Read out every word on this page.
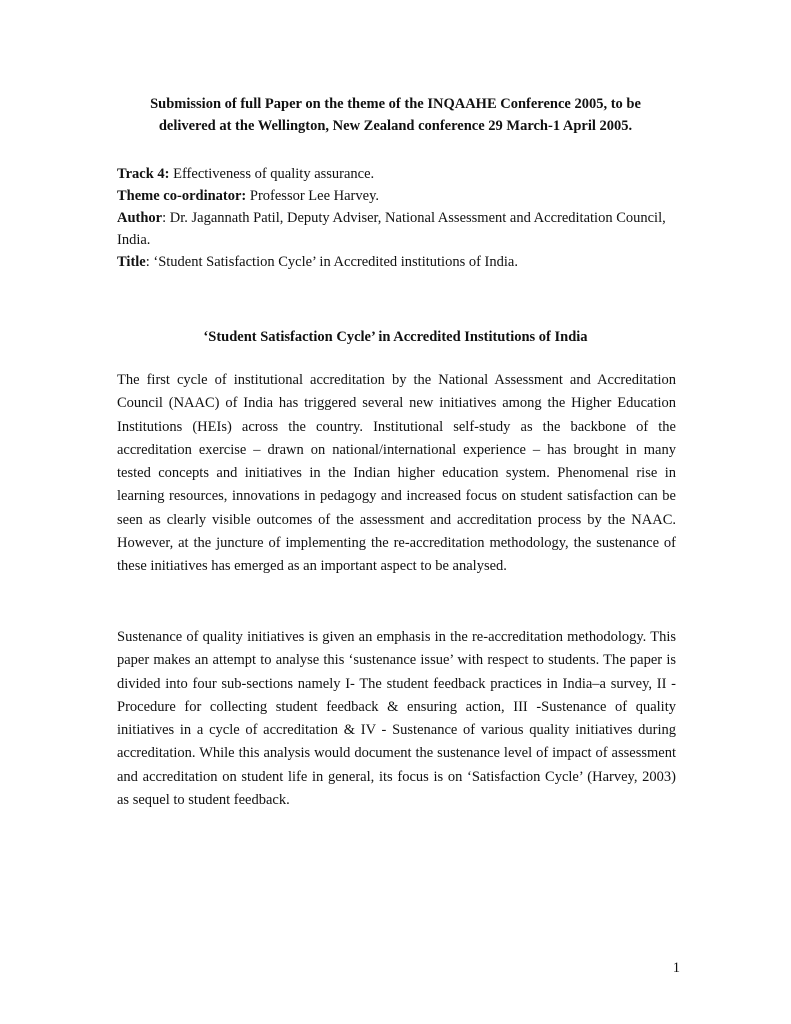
Submission of full Paper on the theme of the INQAAHE Conference 2005, to be
delivered at the Wellington, New Zealand conference 29 March-1 April 2005.

Track 4: Effectiveness of quality assurance.

Theme co-ordinator: Professor Lee Harvey.

Author: Dr. Jagannath Patil, Deputy Adviser, National Assessment and Accreditation Council, India.

Title: ‘Student Satisfaction Cycle’ in Accredited institutions of India.

‘Student Satisfaction Cycle’ in Accredited Institutions of India

The first cycle of institutional accreditation by the National Assessment and Accreditation Council (NAAC) of India has triggered several new initiatives among the Higher Education Institutions (HEIs) across the country. Institutional self-study as the backbone of the accreditation exercise – drawn on national/international experience – has brought in many tested concepts and initiatives in the Indian higher education system. Phenomenal rise in learning resources, innovations in pedagogy and increased focus on student satisfaction can be seen as clearly visible outcomes of the assessment and accreditation process by the NAAC. However, at the juncture of implementing the re-accreditation methodology, the sustenance of these initiatives has emerged as an important aspect to be analysed.

Sustenance of quality initiatives is given an emphasis in the re-accreditation methodology. This paper makes an attempt to analyse this ‘sustenance issue’ with respect to students. The paper is divided into four sub-sections namely I- The student feedback practices in India–a survey, II - Procedure for collecting student feedback & ensuring action, III -Sustenance of quality initiatives in a cycle of accreditation & IV - Sustenance of various quality initiatives during accreditation. While this analysis would document the sustenance level of impact of assessment and accreditation on student life in general, its focus is on ‘Satisfaction Cycle’ (Harvey, 2003) as sequel to student feedback.

1
